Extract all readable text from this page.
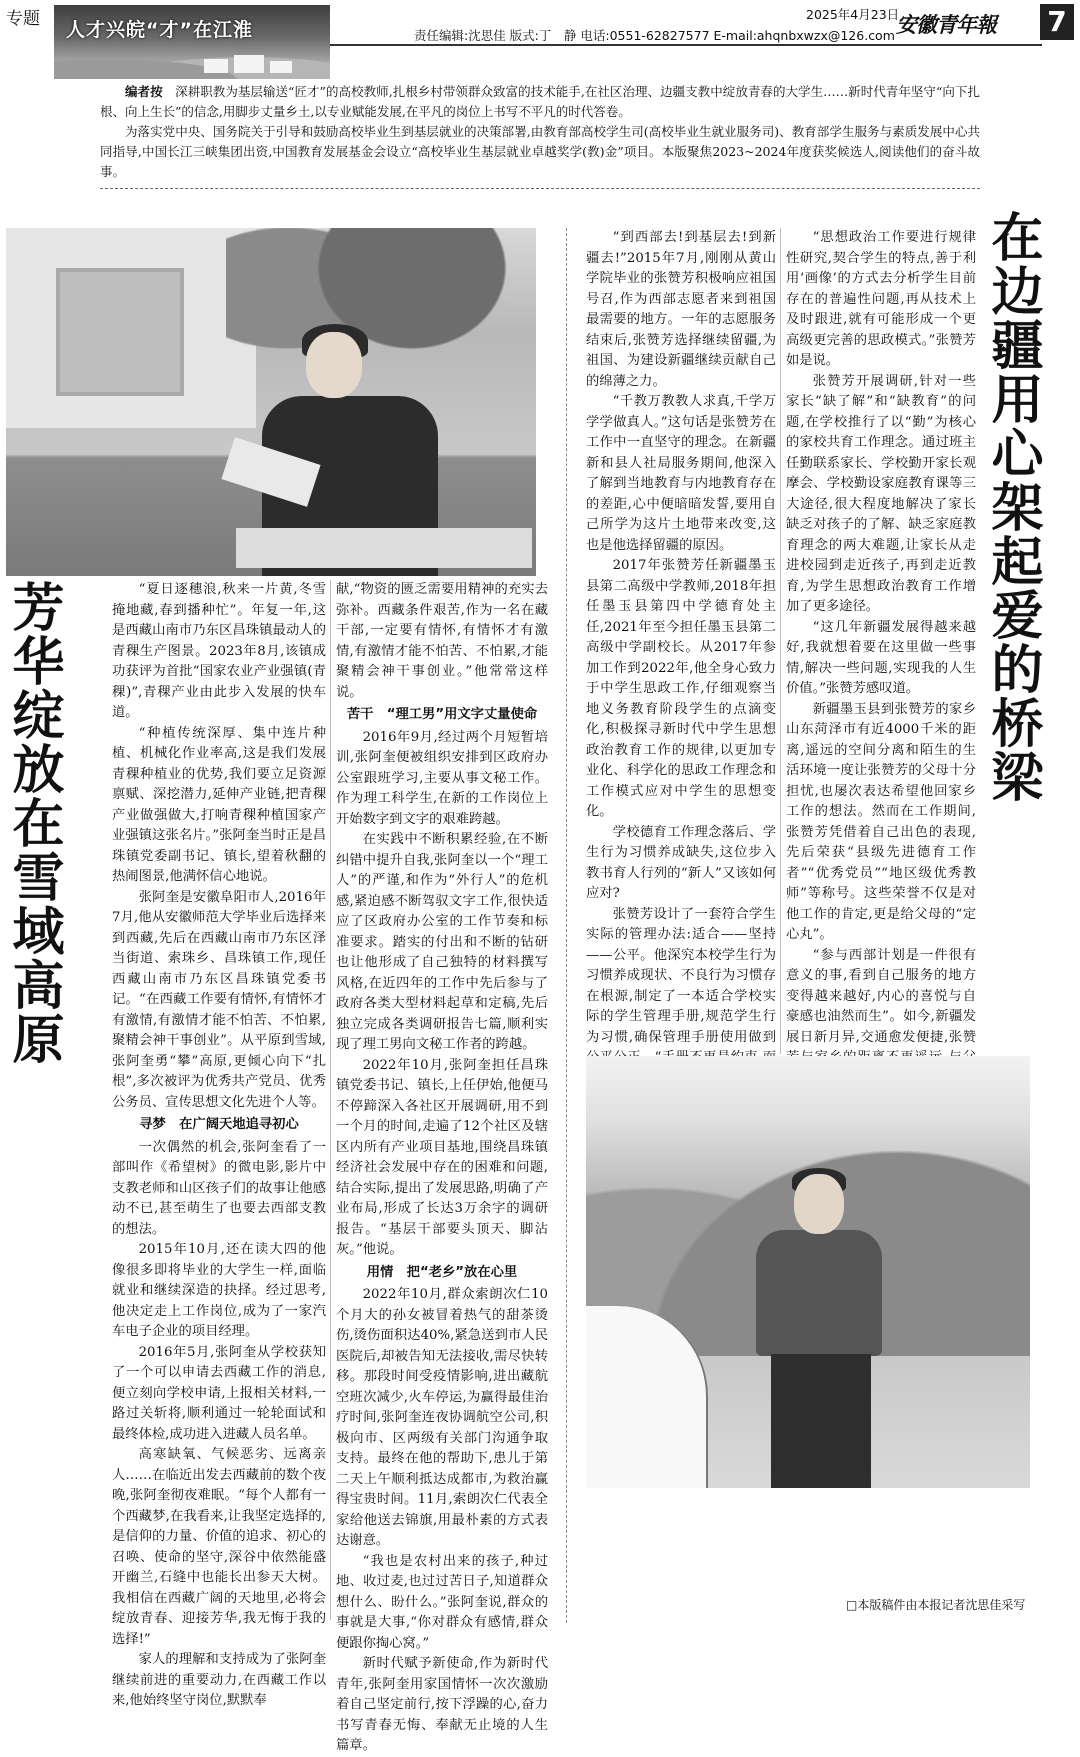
专题 人才兴皖“才”在江淮
2025年4月23日
责任编辑:沈思佳 版式:丁　静 电话:0551-62827577 E-mail:ahqnbxwzx@126.com 安徽青年報 7

编者按　 深耕职教为基层输送“匠才”的高校教师,扎根乡村带领群众致富的技术能手,在社区治理、边疆支教中绽放青春的大学生……新时代青年坚守“向下扎根、向上生长”的信念,用脚步丈量乡土,以专业赋能发展,在平凡的岗位上书写不平凡的时代答卷。

为落实党中央、国务院关于引导和鼓励高校毕业生到基层就业的决策部署,由教育部高校学生司(高校毕业生就业服务司)、教育部学生服务与素质发展中心共同指导,中国长江三峡集团出资,中国教育发展基金会设立“高校毕业生基层就业卓越奖学(教)金”项目。本版聚焦2023~2024年度获奖候选人,阅读他们的奋斗故事。

芳华绽放在雪域高原
在边疆用心架起爱的桥梁

“夏日逐穗浪,秋来一片黄,冬雪掩地藏,春到播种忙”。年复一年,这是西藏山南市乃东区昌珠镇最动人的青稞生产图景。2023年8月,该镇成功获评为首批“国家农业产业强镇(青稞)”,青稞产业由此步入发展的快车道。

“种植传统深厚、集中连片种植、机械化作业率高,这是我们发展青稞种植业的优势,我们要立足资源禀赋、深挖潜力,延伸产业链,把青稞产业做强做大,打响青稞种植国家产业强镇这张名片。”张阿奎当时正是昌珠镇党委副书记、镇长,望着秋翻的热闹图景,他满怀信心地说。

张阿奎是安徽阜阳市人,2016年7月,他从安徽师范大学毕业后选择来到西藏,先后在西藏山南市乃东区泽当街道、索珠乡、昌珠镇工作,现任西藏山南市乃东区昌珠镇党委书记。“在西藏工作要有情怀,有情怀才有激情,有激情才能不怕苦、不怕累,聚精会神干事创业”。从平原到雪域,张阿奎勇“攀”高原,更倾心向下“扎根”,多次被评为优秀共产党员、优秀公务员、宣传思想文化先进个人等。

寻梦　在广阔天地追寻初心

一次偶然的机会,张阿奎看了一部叫作《希望树》的微电影,影片中支教老师和山区孩子们的故事让他感动不已,甚至萌生了也要去西部支教的想法。

2015年10月,还在读大四的他像很多即将毕业的大学生一样,面临就业和继续深造的抉择。经过思考,他决定走上工作岗位,成为了一家汽车电子企业的项目经理。

2016年5月,张阿奎从学校获知了一个可以申请去西藏工作的消息,便立刻向学校申请,上报相关材料,一路过关斩将,顺利通过一轮轮面试和最终体检,成功进入进藏人员名单。

高寒缺氧、气候恶劣、远离亲人……在临近出发去西藏前的数个夜晚,张阿奎彻夜难眠。“每个人都有一个西藏梦,在我看来,让我坚定选择的,是信仰的力量、价值的追求、初心的召唤、使命的坚守,深谷中依然能盛开幽兰,石缝中也能长出参天大树。我相信在西藏广阔的天地里,必将会绽放青春、迎接芳华,我无悔于我的选择!”

家人的理解和支持成为了张阿奎继续前进的重要动力,在西藏工作以来,他始终坚守岗位,默默奉

献,“物资的匮乏需要用精神的充实去弥补。西藏条件艰苦,作为一名在藏干部,一定要有情怀,有情怀才有激情,有激情才能不怕苦、不怕累,才能聚精会神干事创业。”他常常这样说。

苦干　“理工男”用文字丈量使命

2016年9月,经过两个月短暂培训,张阿奎便被组织安排到区政府办公室跟班学习,主要从事文秘工作。作为理工科学生,在新的工作岗位上开始数字到文字的艰难跨越。

在实践中不断积累经验,在不断纠错中提升自我,张阿奎以一个“理工人”的严谨,和作为“外行人”的危机感,紧迫感不断驾驭文字工作,很快适应了区政府办公室的工作节奏和标准要求。踏实的付出和不断的钻研也让他形成了自己独特的材料撰写风格,在近四年的工作中先后参与了政府各类大型材料起草和定稿,先后独立完成各类调研报告七篇,顺利实现了理工男向文秘工作者的跨越。

2022年10月,张阿奎担任昌珠镇党委书记、镇长,上任伊始,他便马不停蹄深入各社区开展调研,用不到一个月的时间,走遍了12个社区及辖区内所有产业项目基地,围绕昌珠镇经济社会发展中存在的困难和问题,结合实际,提出了发展思路,明确了产业布局,形成了长达3万余字的调研报告。“基层干部要头顶天、脚沾灰。”他说。

用情　把“老乡”放在心里

2022年10月,群众索朗次仁10个月大的孙女被冒着热气的甜茶烫伤,烫伤面积达40%,紧急送到市人民医院后,却被告知无法接收,需尽快转移。那段时间受疫情影响,进出藏航空班次减少,火车停运,为赢得最佳治疗时间,张阿奎连夜协调航空公司,积极向市、区两级有关部门沟通争取支持。最终在他的帮助下,患儿于第二天上午顺利抵达成都市,为救治赢得宝贵时间。11月,索朗次仁代表全家给他送去锦旗,用最朴素的方式表达谢意。

“我也是农村出来的孩子,种过地、收过麦,也过过苦日子,知道群众想什么、盼什么。”张阿奎说,群众的事就是大事,“你对群众有感情,群众便跟你掏心窝。”

新时代赋予新使命,作为新时代青年,张阿奎用家国情怀一次次激励着自己坚定前行,按下浮躁的心,奋力书写青春无悔、奉献无止境的人生篇章。

“到西部去!到基层去!到新疆去!”2015年7月,刚刚从黄山学院毕业的张赞芳积极响应祖国号召,作为西部志愿者来到祖国最需要的地方。一年的志愿服务结束后,张赞芳选择继续留疆,为祖国、为建设新疆继续贡献自己的绵薄之力。

“千教万教教人求真,千学万学学做真人。”这句话是张赞芳在工作中一直坚守的理念。在新疆新和县人社局服务期间,他深入了解到当地教育与内地教育存在的差距,心中便暗暗发誓,要用自己所学为这片土地带来改变,这也是他选择留疆的原因。

2017年张赞芳任新疆墨玉县第二高级中学教师,2018年担任墨玉县第四中学德育处主任,2021年至今担任墨玉县第二高级中学副校长。从2017年参加工作到2022年,他全身心致力于中学生思政工作,仔细观察当地义务教育阶段学生的点滴变化,积极探寻新时代中学生思想政治教育工作的规律,以更加专业化、科学化的思政工作理念和工作模式应对中学生的思想变化。

学校德育工作理念落后、学生行为习惯养成缺失,这位步入教书育人行列的“新人”又该如何应对?

张赞芳设计了一套符合学生实际的管理办法:适合——坚持——公平。他深究本校学生行为习惯养成现状、不良行为习惯存在根源,制定了一本适合学校实际的学生管理手册,规范学生行为习惯,确保管理手册使用做到

“思想政治工作要进行规律性研究,契合学生的特点,善于利用‘画像’的方式去分析学生目前存在的普遍性问题,再从技术上及时跟进,就有可能形成一个更高级更完善的思政模式。”张赞芳如是说。

张赞芳开展调研,针对一些家长“缺了解”和“缺教育”的问题,在学校推行了以“勤”为核心的家校共育工作理念。通过班主任勤联系家长、学校勤开家长观摩会、学校勤设家庭教育课等三大途径,很大程度地解决了家长缺乏对孩子的了解、缺乏家庭教育理念的两大难题,让家长从走进校园到走近孩子,再到走近教育,为学生思想政治教育工作增加了更多途径。

“这几年新疆发展得越来越好,我就想着要在这里做一些事情,解决一些问题,实现我的人生价值。”张赞芳感叹道。

新疆墨玉县到张赞芳的家乡山东菏泽市有近4000千米的距离,遥远的空间分离和陌生的生活环境一度让张赞芳的父母十分担忧,也屡次表达希望他回家乡工作的想法。然而在工作期间,张赞芳凭借着自己出色的表现,先后荣获“县级先进德育工作者”“优秀党员”“地区级优秀教师”等称号。这些荣誉不仅是对他工作的肯定,更是给父母的“定心丸”。

“参与西部计划是一件很有意义的事,看到自己服务的地方变得越来越好,内心的喜悦与自豪感也油然而生”。如今,新疆发展日新月异,交通愈发便捷,张赞

□本版稿件由本报记者沈思佳采写
